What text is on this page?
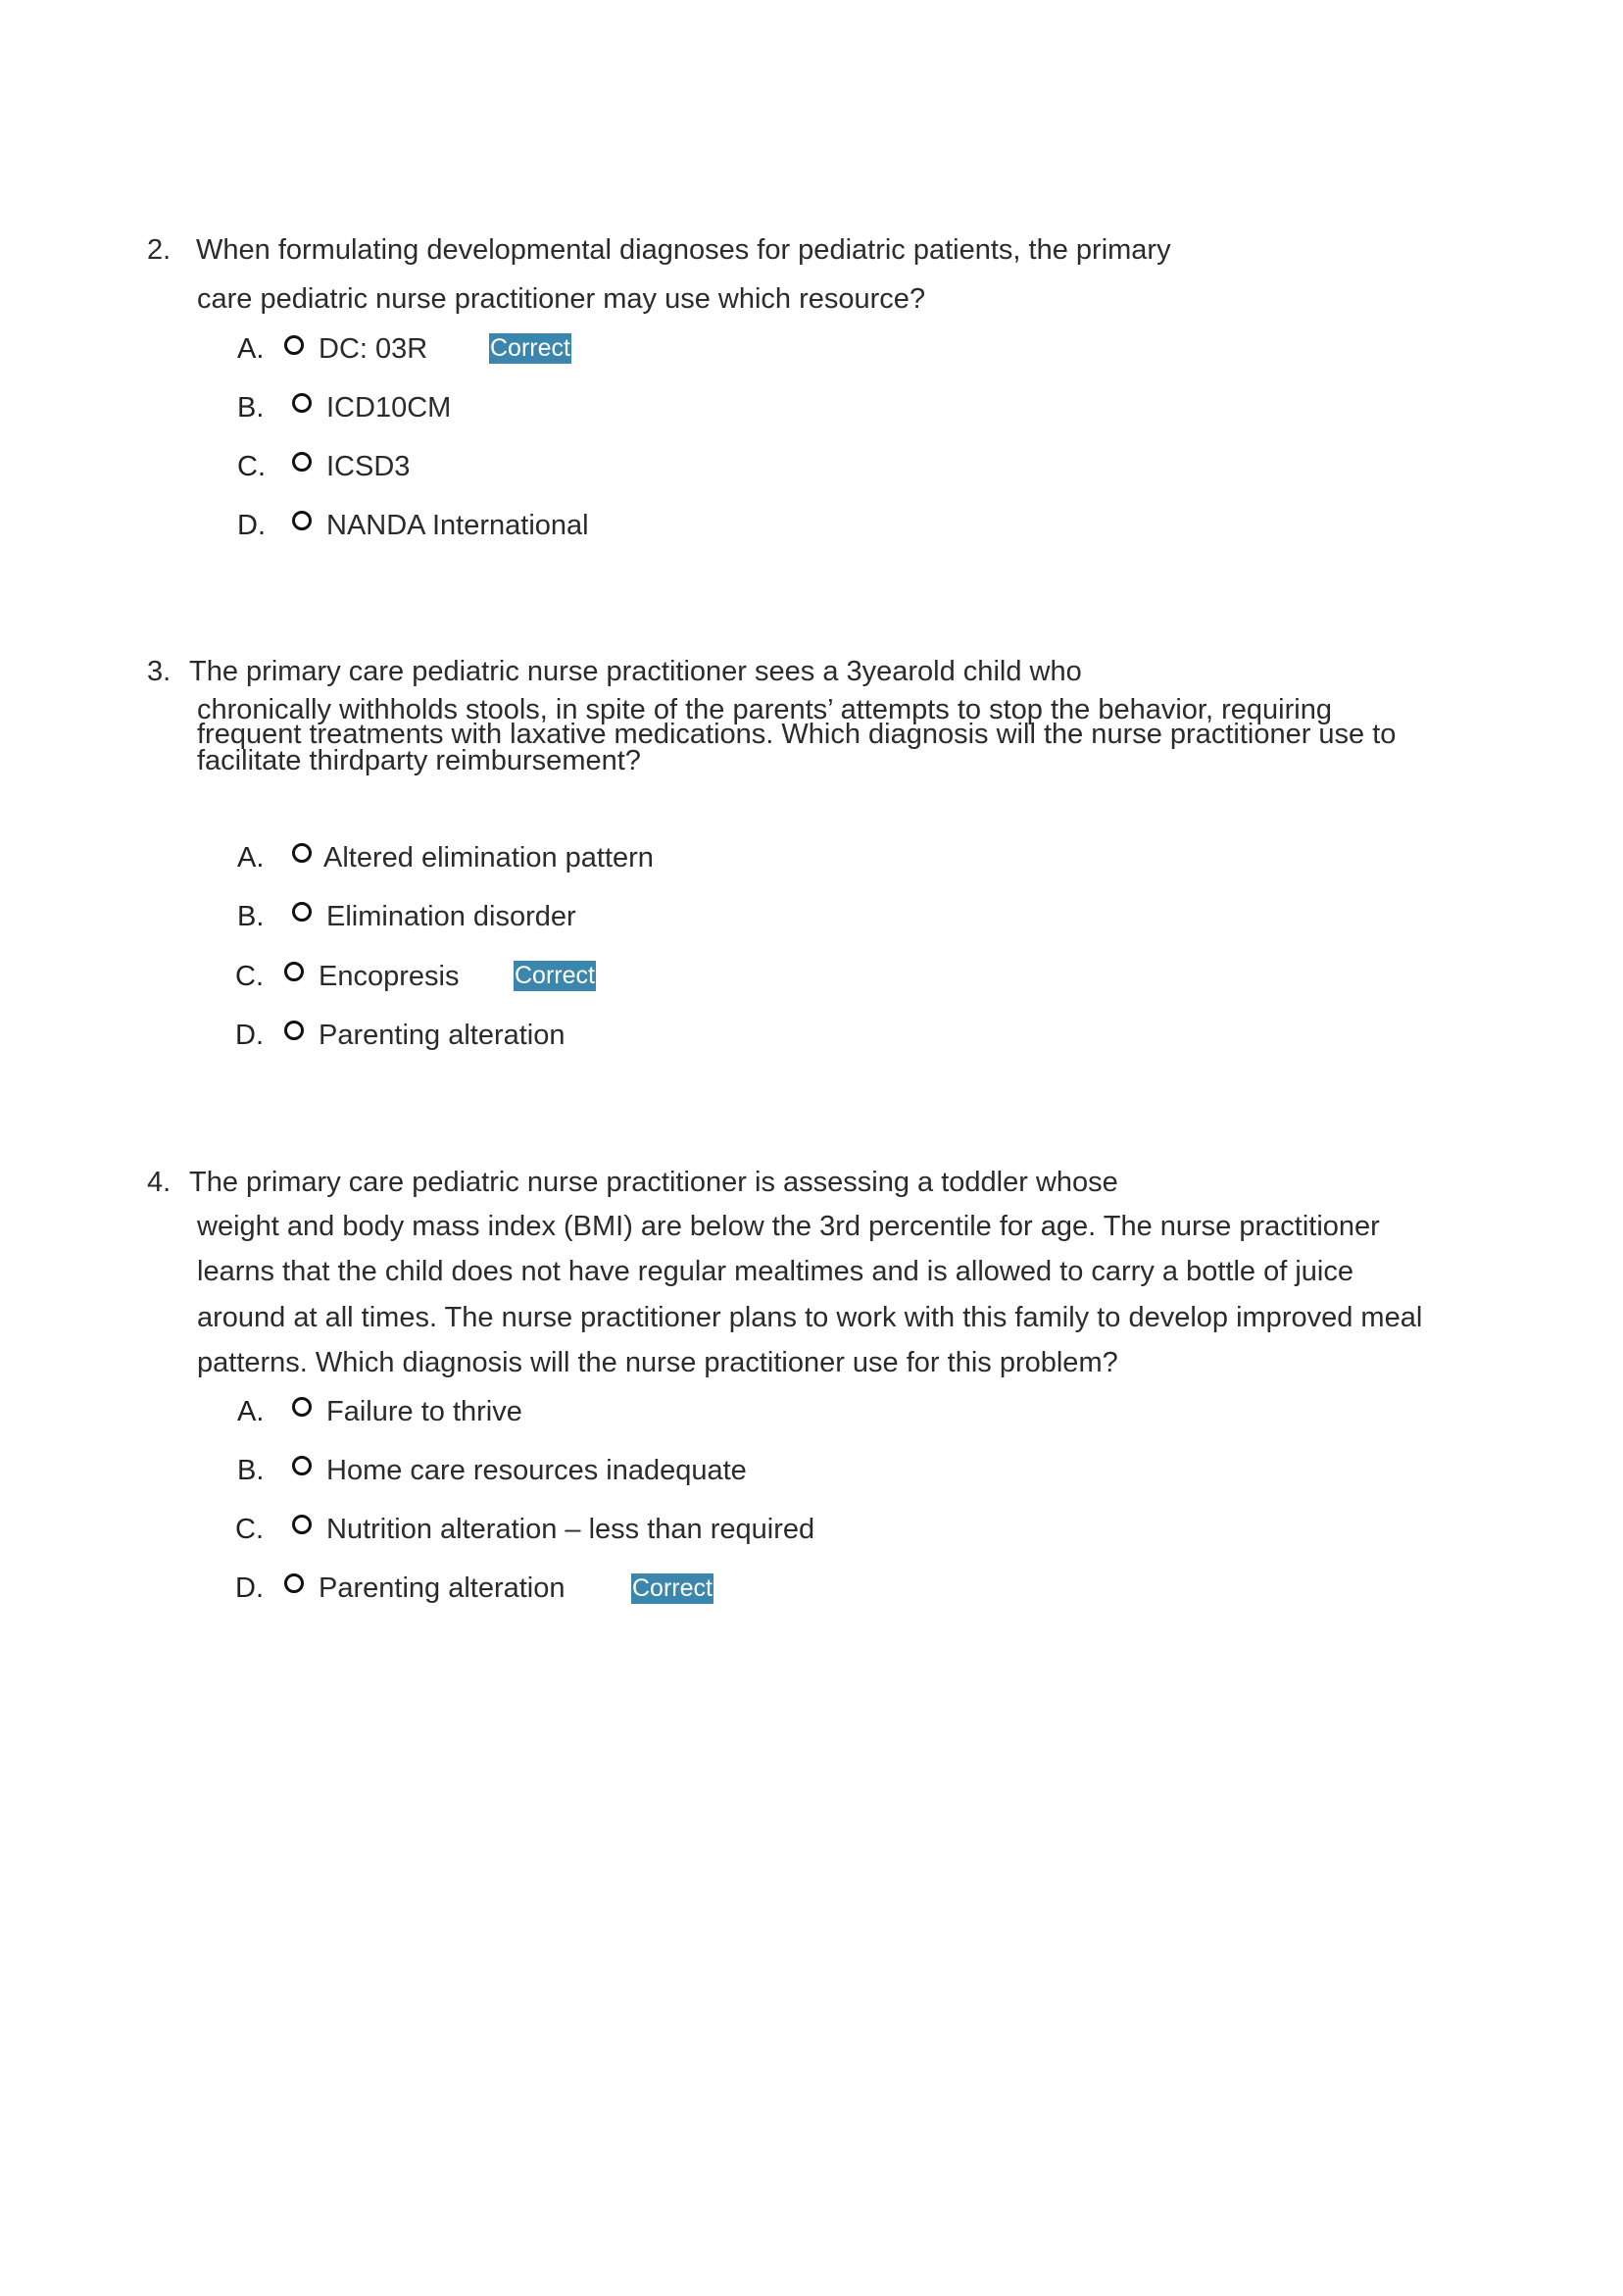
2. When formulating developmental diagnoses for pediatric patients, the primary
care pediatric nurse practitioner may use which resource?
A. DC: 03R	Correct
B. ICD10CM
C. ICSD3
D. NANDA International
3. The primary care pediatric nurse practitioner sees a 3yearold child who
chronically withholds stools, in spite of the parents’ attempts to stop the behavior, requiring
frequent treatments with laxative medications. Which diagnosis will the nurse practitioner use to
facilitate thirdparty reimbursement?
A. Altered elimination pattern
B. Elimination disorder
C. Encopresis Correct
D. Parenting alteration
4. The primary care pediatric nurse practitioner is assessing a toddler whose
weight and body mass index (BMI) are below the 3rd percentile for age. The nurse practitioner
learns that the child does not have regular mealtimes and is allowed to carry a bottle of juice
around at all times. The nurse practitioner plans to work with this family to develop improved meal
patterns. Which diagnosis will the nurse practitioner use for this problem?
A. Failure to thrive
B. Home care resources inadequate
C. Nutrition alteration – less than required
D. Parenting alteration	Correct
